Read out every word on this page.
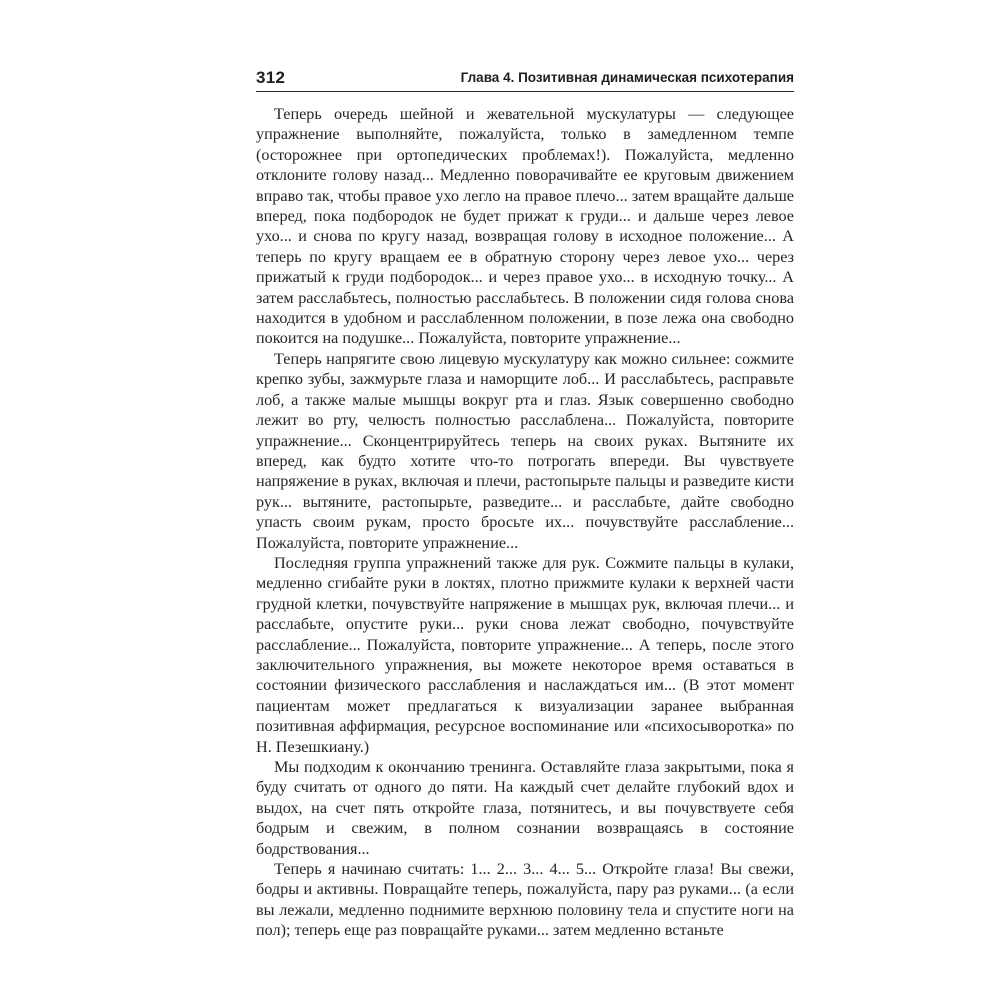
312	Глава 4. Позитивная динамическая психотерапия

Теперь очередь шейной и жевательной мускулатуры — следующее упражнение выполняйте, пожалуйста, только в замедленном темпе (осторожнее при ортопедических проблемах!). Пожалуйста, медленно отклоните голову назад... Медленно поворачивайте ее круговым движением вправо так, чтобы правое ухо легло на правое плечо... затем вращайте дальше вперед, пока подбородок не будет прижат к груди... и дальше через левое ухо... и снова по кругу назад, возвращая голову в исходное положение... А теперь по кругу вращаем ее в обратную сторону через левое ухо... через прижатый к груди подбородок... и через правое ухо... в исходную точку... А затем расслабьтесь, полностью расслабьтесь. В положении сидя голова снова находится в удобном и расслабленном положении, в позе лежа она свободно покоится на подушке... Пожалуйста, повторите упражнение...

Теперь напрягите свою лицевую мускулатуру как можно сильнее: сожмите крепко зубы, зажмурьте глаза и наморщите лоб... И расслабьтесь, расправьте лоб, а также малые мышцы вокруг рта и глаз. Язык совершенно свободно лежит во рту, челюсть полностью расслаблена... Пожалуйста, повторите упражнение... Сконцентрируйтесь теперь на своих руках. Вытяните их вперед, как будто хотите что-то потрогать впереди. Вы чувствуете напряжение в руках, включая и плечи, растопырьте пальцы и разведите кисти рук... вытяните, растопырьте, разведите... и расслабьте, дайте свободно упасть своим рукам, просто бросьте их... почувствуйте расслабление... Пожалуйста, повторите упражнение...

Последняя группа упражнений также для рук. Сожмите пальцы в кулаки, медленно сгибайте руки в локтях, плотно прижмите кулаки к верхней части грудной клетки, почувствуйте напряжение в мышцах рук, включая плечи... и расслабьте, опустите руки... руки снова лежат свободно, почувствуйте расслабление... Пожалуйста, повторите упражнение... А теперь, после этого заключительного упражнения, вы можете некоторое время оставаться в состоянии физического расслабления и наслаждаться им... (В этот момент пациентам может предлагаться к визуализации заранее выбранная позитивная аффирмация, ресурсное воспоминание или «психосыворотка» по Н. Пезешкиану.)

Мы подходим к окончанию тренинга. Оставляйте глаза закрытыми, пока я буду считать от одного до пяти. На каждый счет делайте глубокий вдох и выдох, на счет пять откройте глаза, потянитесь, и вы почувствуете себя бодрым и свежим, в полном сознании возвращаясь в состояние бодрствования...

Теперь я начинаю считать: 1... 2... 3... 4... 5... Откройте глаза! Вы свежи, бодры и активны. Повращайте теперь, пожалуйста, пару раз руками... (а если вы лежали, медленно поднимите верхнюю половину тела и спустите ноги на пол); теперь еще раз повращайте руками... затем медленно встаньте
